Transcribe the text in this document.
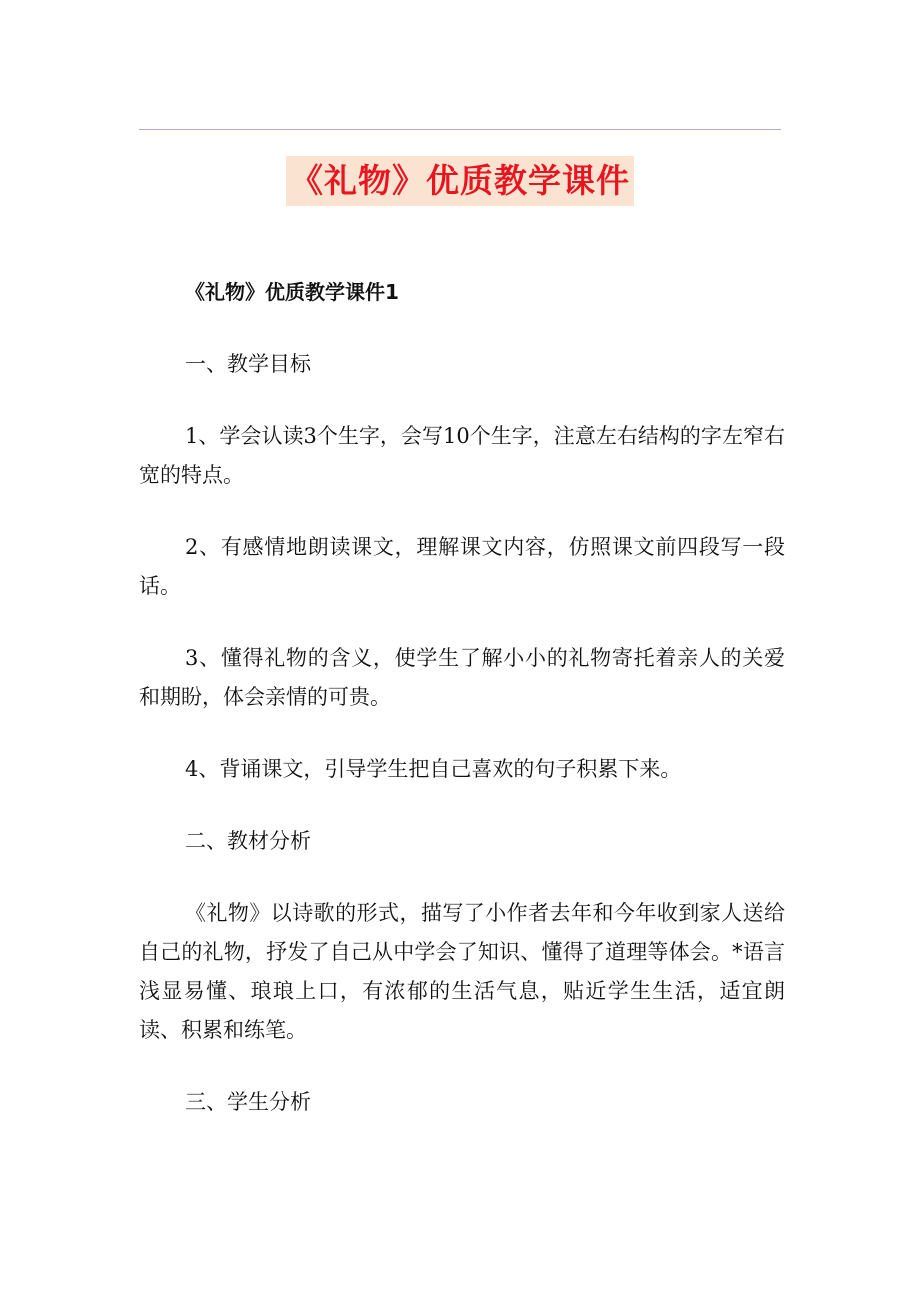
《礼物》优质教学课件

《礼物》优质教学课件1

一、教学目标

1、学会认读3个生字，会写10个生字，注意左右结构的字左窄右宽的特点。

2、有感情地朗读课文，理解课文内容，仿照课文前四段写一段话。

3、懂得礼物的含义，使学生了解小小的礼物寄托着亲人的关爱和期盼，体会亲情的可贵。

4、背诵课文，引导学生把自己喜欢的句子积累下来。

二、教材分析

《礼物》以诗歌的形式，描写了小作者去年和今年收到家人送给自己的礼物，抒发了自己从中学会了知识、懂得了道理等体会。*语言浅显易懂、琅琅上口，有浓郁的生活气息，贴近学生生活，适宜朗读、积累和练笔。

三、学生分析
